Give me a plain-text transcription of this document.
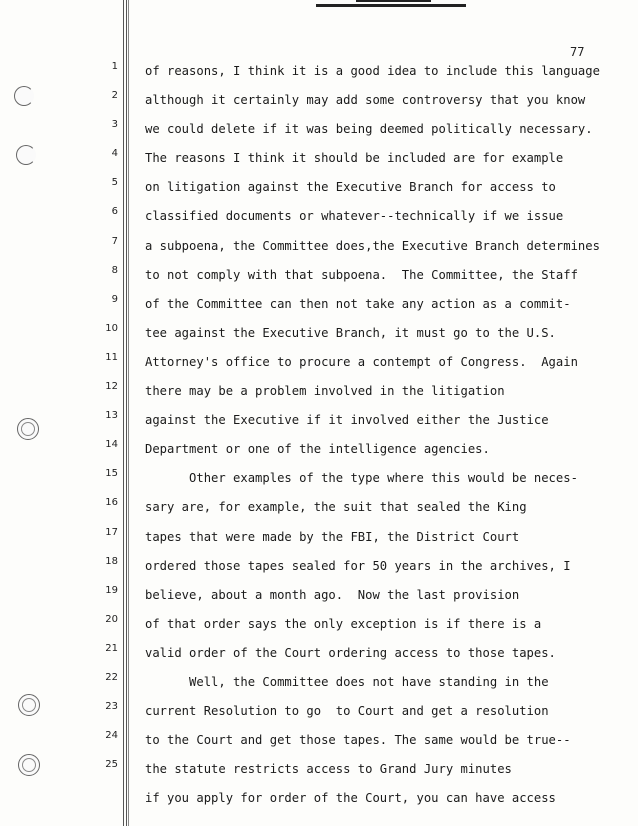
77
1
2
3
4
5
6
7
8
9
10
11
12
13
14
15
16
17
18
19
20
21
22
23
24
25
of reasons, I think it is a good idea to include this language
although it certainly may add some controversy that you know
we could delete if it was being deemed politically necessary.
The reasons I think it should be included are for example
on litigation against the Executive Branch for access to
classified documents or whatever--technically if we issue
a subpoena, the Committee does,the Executive Branch determines
to not comply with that subpoena.  The Committee, the Staff
of the Committee can then not take any action as a commit-
tee against the Executive Branch, it must go to the U.S.
Attorney's office to procure a contempt of Congress.  Again
there may be a problem involved in the litigation
against the Executive if it involved either the Justice
Department or one of the intelligence agencies.
Other examples of the type where this would be neces-
sary are, for example, the suit that sealed the King
tapes that were made by the FBI, the District Court
ordered those tapes sealed for 50 years in the archives, I
believe, about a month ago.  Now the last provision
of that order says the only exception is if there is a
valid order of the Court ordering access to those tapes.
Well, the Committee does not have standing in the
current Resolution to go  to Court and get a resolution
to the Court and get those tapes. The same would be true--
the statute restricts access to Grand Jury minutes
if you apply for order of the Court, you can have access
